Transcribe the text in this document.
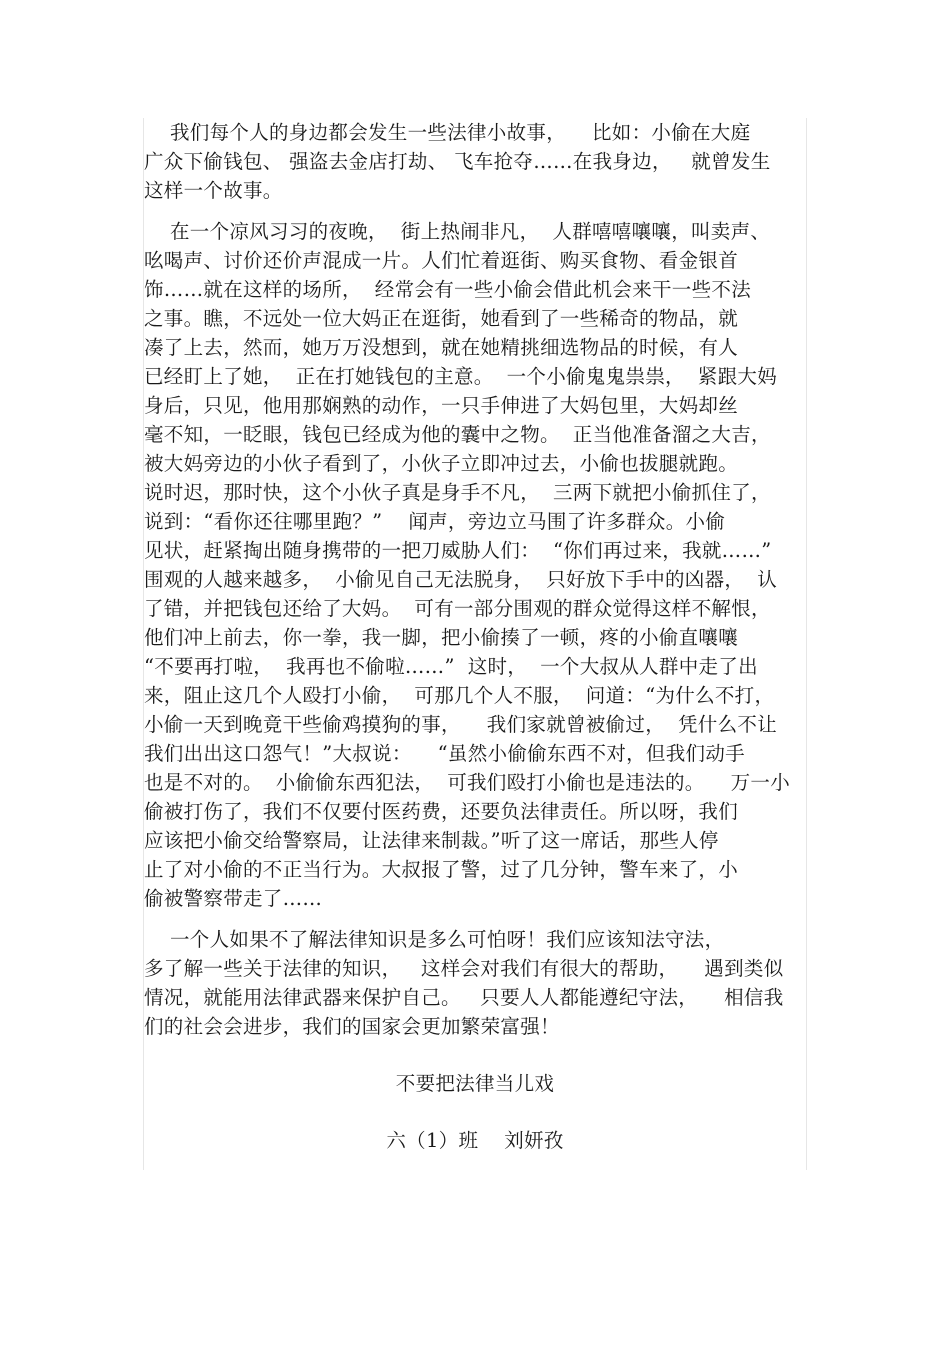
我们每个人的身边都会发生一些法律小故事，    比如：小偷在大庭
广众下偷钱包、 强盗去金店打劫、 飞车抢夺……在我身边，   就曾发生
这样一个故事。
在一个凉风习习的夜晚，  街上热闹非凡，  人群嘻嘻嚷嚷，叫卖声、
吆喝声、讨价还价声混成一片。人们忙着逛街、购买食物、看金银首
饰……就在这样的场所，  经常会有一些小偷会借此机会来干一些不法
之事。瞧，不远处一位大妈正在逛街，她看到了一些稀奇的物品，就
凑了上去，然而，她万万没想到，就在她精挑细选物品的时候，有人
已经盯上了她，  正在打她钱包的主意。  一个小偷鬼鬼祟祟，  紧跟大妈
身后，只见，他用那娴熟的动作，一只手伸进了大妈包里，大妈却丝
毫不知，一眨眼，钱包已经成为他的囊中之物。  正当他准备溜之大吉，
被大妈旁边的小伙子看到了，小伙子立即冲过去，小偷也拔腿就跑。
说时迟，那时快，这个小伙子真是身手不凡，  三两下就把小偷抓住了，
说到：“看你还往哪里跑？”    闻声，旁边立马围了许多群众。小偷
见状，赶紧掏出随身携带的一把刀威胁人们：  “你们再过来，我就……”
围观的人越来越多，  小偷见自己无法脱身，  只好放下手中的凶器，  认
了错，并把钱包还给了大妈。  可有一部分围观的群众觉得这样不解恨，
他们冲上前去，你一拳，我一脚，把小偷揍了一顿，疼的小偷直嚷嚷
“不要再打啦，  我再也不偷啦……”  这时，  一个大叔从人群中走了出
来，阻止这几个人殴打小偷，  可那几个人不服，  问道：“为什么不打，
小偷一天到晚竟干些偷鸡摸狗的事，    我们家就曾被偷过，  凭什么不让
我们出出这口怨气！”大叔说：    “虽然小偷偷东西不对，但我们动手
也是不对的。  小偷偷东西犯法，  可我们殴打小偷也是违法的。    万一小
偷被打伤了，我们不仅要付医药费，还要负法律责任。所以呀，我们
应该把小偷交给警察局，让法律来制裁。”听了这一席话，那些人停
止了对小偷的不正当行为。大叔报了警，过了几分钟，警车来了，小
偷被警察带走了……
一个人如果不了解法律知识是多么可怕呀！我们应该知法守法，
多了解一些关于法律的知识，   这样会对我们有很大的帮助，    遇到类似
情况，就能用法律武器来保护自己。   只要人人都能遵纪守法，    相信我
们的社会会进步，我们的国家会更加繁荣富强！
不要把法律当儿戏
六（1）班    刘妍孜
